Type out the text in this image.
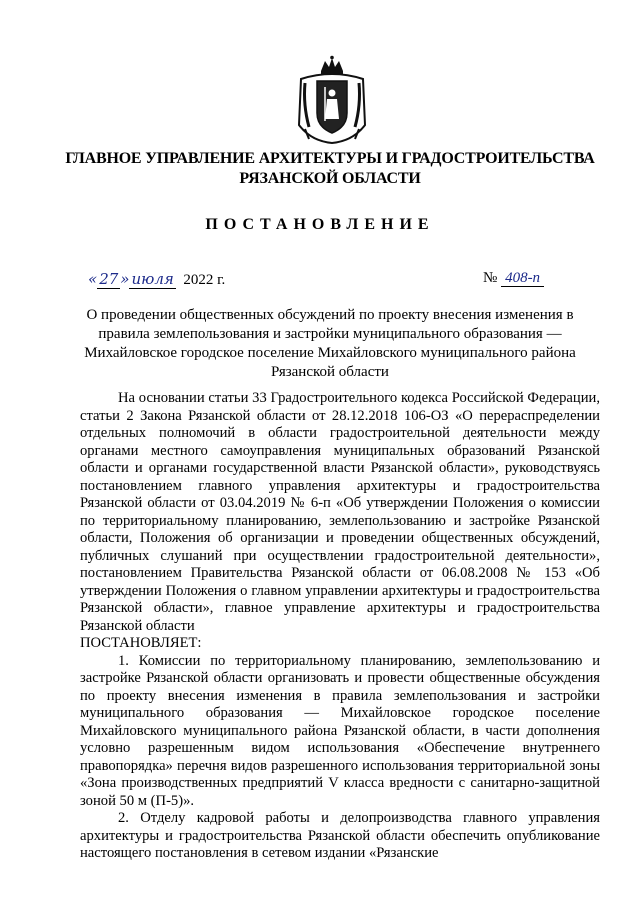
ГЛАВНОЕ УПРАВЛЕНИЕ АРХИТЕКТУРЫ И ГРАДОСТРОИТЕЛЬСТВА
РЯЗАНСКОЙ ОБЛАСТИ
ПОСТАНОВЛЕНИЕ
« 27 » июля 2022 г.	№ 408-п
О проведении общественных обсуждений по проекту внесения изменения в правила землепользования и застройки муниципального образования — Михайловское городское поселение Михайловского муниципального района Рязанской области

На основании статьи 33 Градостроительного кодекса Российской Федерации, статьи 2 Закона Рязанской области от 28.12.2018 106-ОЗ «О перераспределении отдельных полномочий в области градостроительной деятельности между органами местного самоуправления муниципальных образований Рязанской области и органами государственной власти Рязанской области», руководствуясь постановлением главного управления архитектуры и градостроительства Рязанской области от 03.04.2019 № 6-п «Об утверждении Положения о комиссии по территориальному планированию, землепользованию и застройке Рязанской области, Положения об организации и проведении общественных обсуждений, публичных слушаний при осуществлении градостроительной деятельности», постановлением Правительства Рязанской области от 06.08.2008 № 153 «Об утверждении Положения о главном управлении архитектуры и градостроительства Рязанской области», главное управление архитектуры и градостроительства Рязанской области

ПОСТАНОВЛЯЕТ:

1. Комиссии по территориальному планированию, землепользованию и застройке Рязанской области организовать и провести общественные обсуждения по проекту внесения изменения в правила землепользования и застройки муниципального образования — Михайловское городское поселение Михайловского муниципального района Рязанской области, в части дополнения условно разрешенным видом использования «Обеспечение внутреннего правопорядка» перечня видов разрешенного использования территориальной зоны «Зона производственных предприятий V класса вредности с санитарно-защитной зоной 50 м (П-5)».

2. Отделу кадровой работы и делопроизводства главного управления архитектуры и градостроительства Рязанской области обеспечить опубликование настоящего постановления в сетевом издании «Рязанские
